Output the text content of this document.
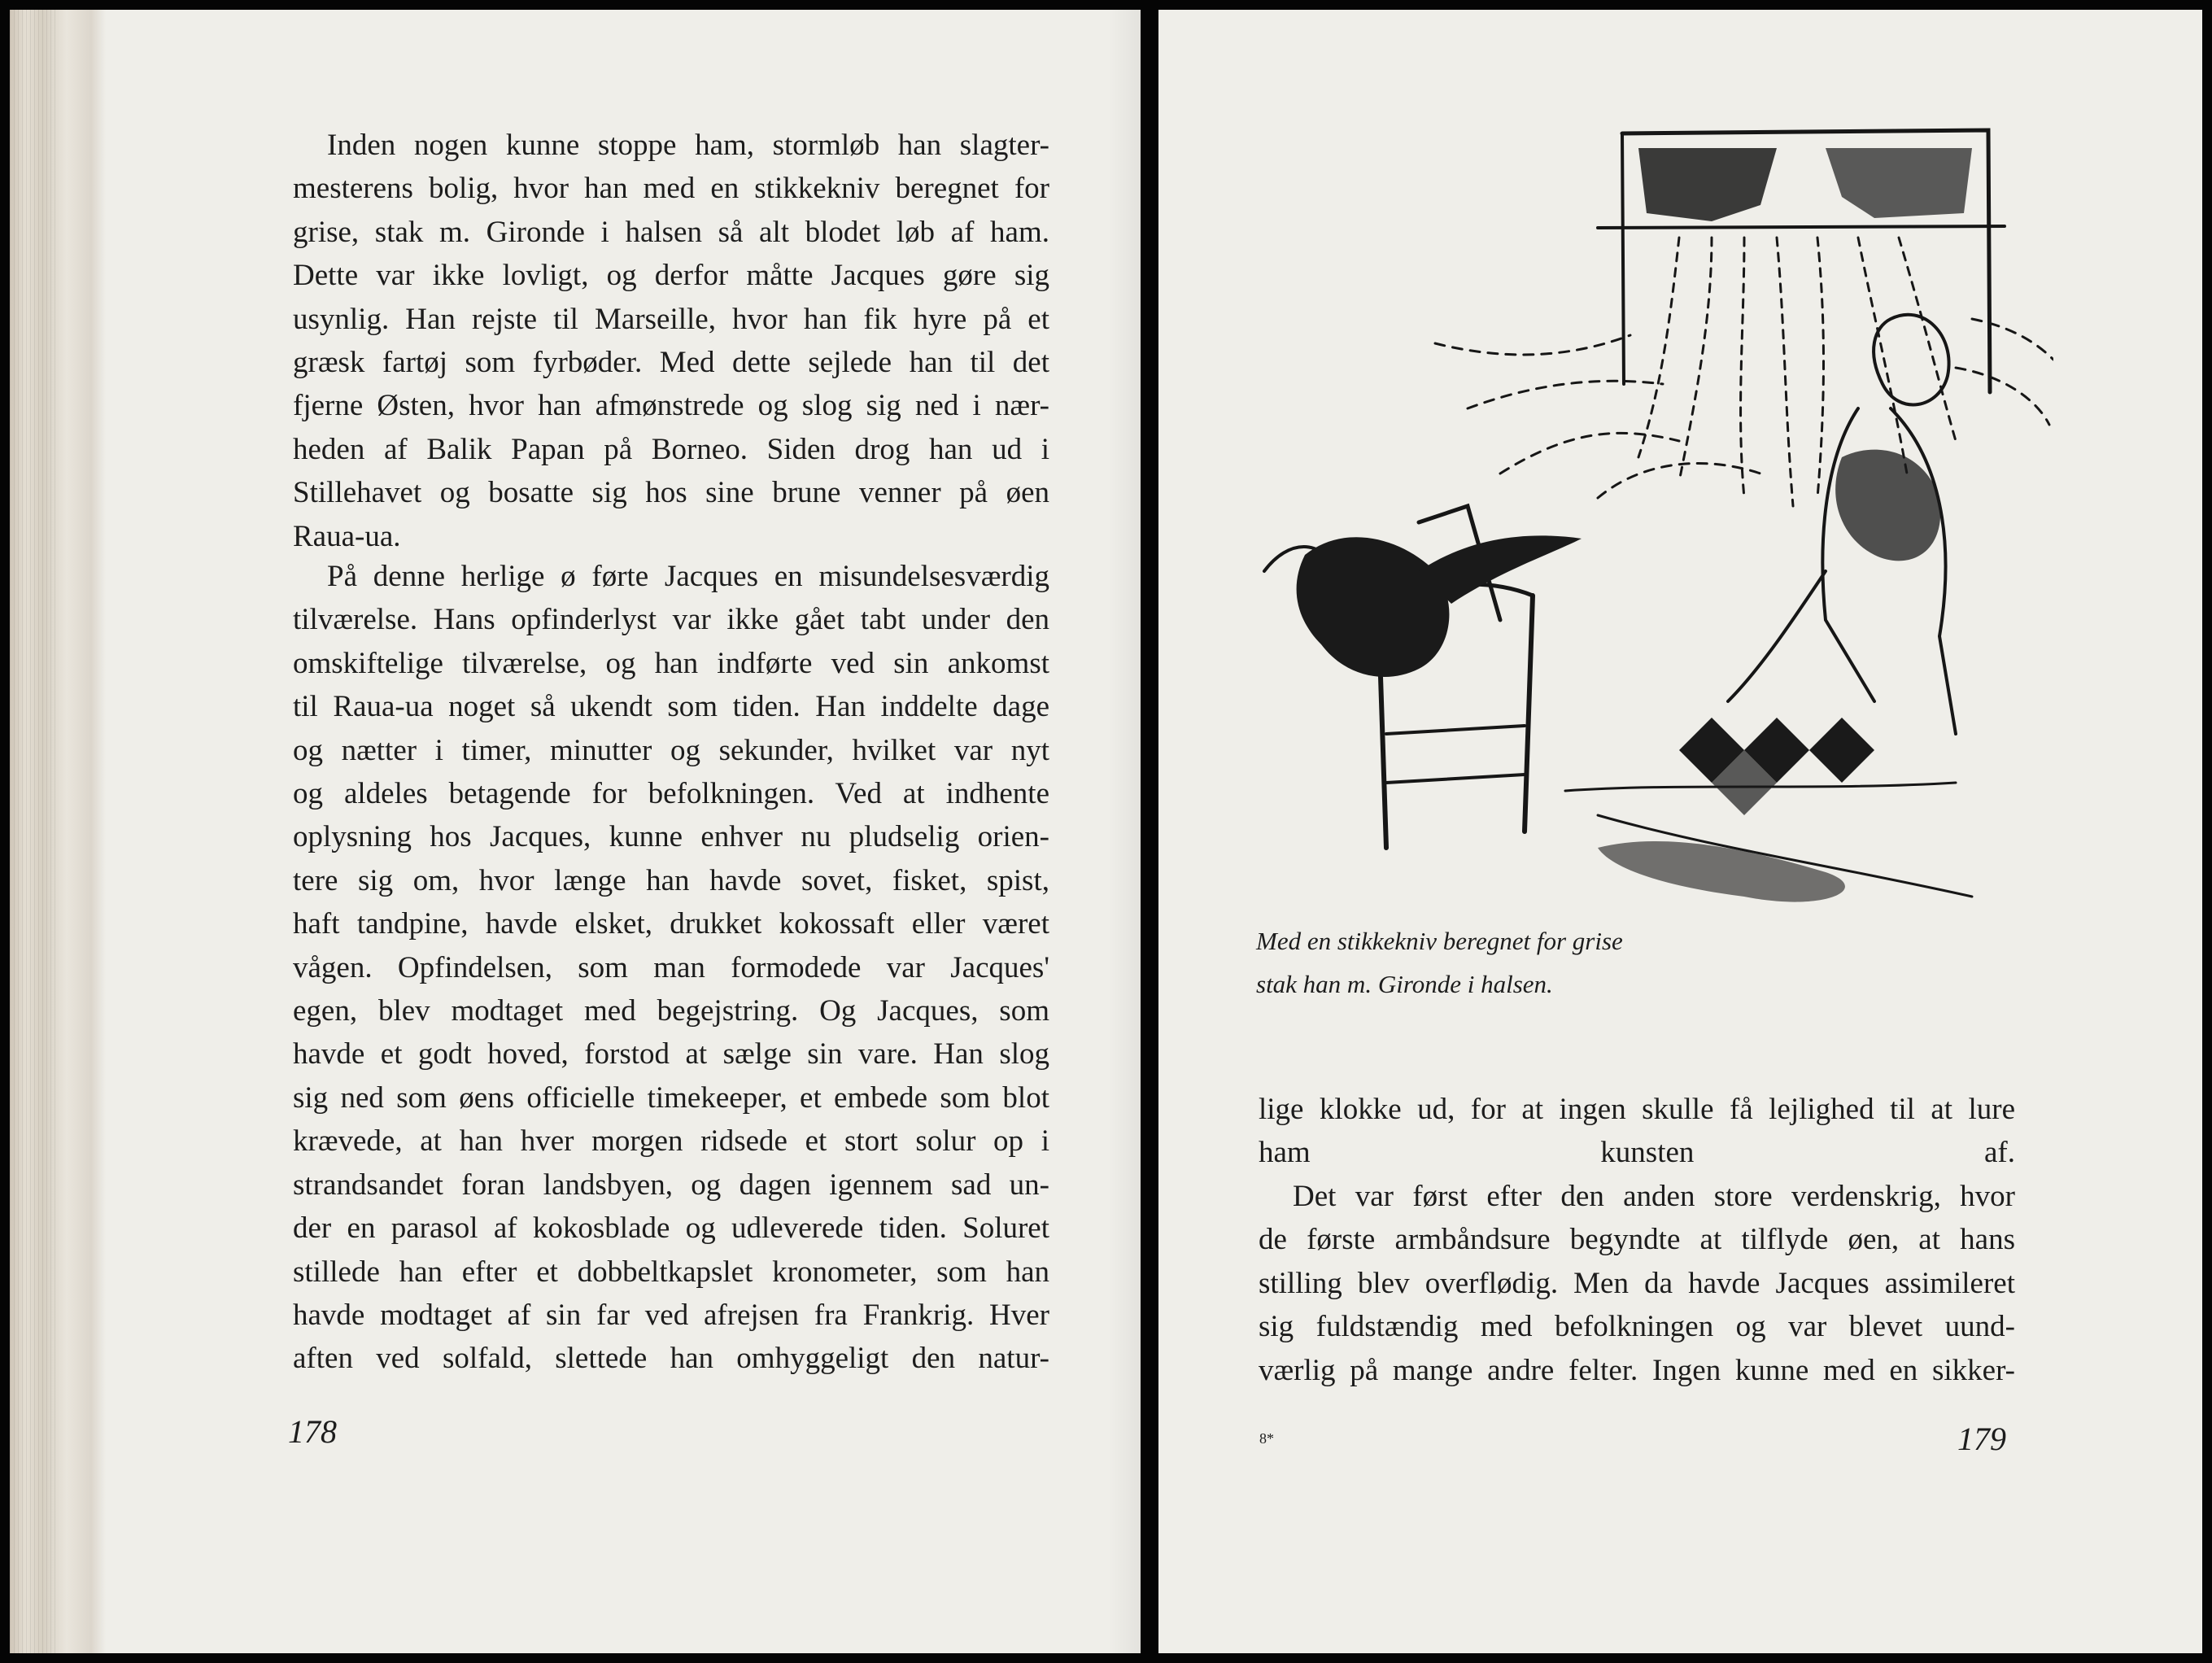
Inden nogen kunne stoppe ham, stormløb han slagter-
mesterens bolig, hvor han med en stikkekniv beregnet for
grise, stak m. Gironde i halsen så alt blodet løb af ham.
Dette var ikke lovligt, og derfor måtte Jacques gøre sig
usynlig. Han rejste til Marseille, hvor han fik hyre på et
græsk fartøj som fyrbøder. Med dette sejlede han til det
fjerne Østen, hvor han afmønstrede og slog sig ned i nær-
heden af Balik Papan på Borneo. Siden drog han ud i
Stillehavet og bosatte sig hos sine brune venner på øen
Raua-ua.
På denne herlige ø førte Jacques en misundelsesværdig
tilværelse. Hans opfinderlyst var ikke gået tabt under den
omskiftelige tilværelse, og han indførte ved sin ankomst
til Raua-ua noget så ukendt som tiden. Han inddelte dage
og nætter i timer, minutter og sekunder, hvilket var nyt
og aldeles betagende for befolkningen. Ved at indhente
oplysning hos Jacques, kunne enhver nu pludselig orien-
tere sig om, hvor længe han havde sovet, fisket, spist,
haft tandpine, havde elsket, drukket kokossaft eller været
vågen. Opfindelsen, som man formodede var Jacques'
egen, blev modtaget med begejstring. Og Jacques, som
havde et godt hoved, forstod at sælge sin vare. Han slog
sig ned som øens officielle timekeeper, et embede som blot
krævede, at han hver morgen ridsede et stort solur op i
strandsandet foran landsbyen, og dagen igennem sad un-
der en parasol af kokosblade og udleverede tiden. Soluret
stillede han efter et dobbeltkapslet kronometer, som han
havde modtaget af sin far ved afrejsen fra Frankrig. Hver
aften ved solfald, slettede han omhyggeligt den natur-
178
Med en stikkekniv beregnet for grise
stak han m. Gironde i halsen.
lige klokke ud, for at ingen skulle få lejlighed til at lure
ham kunsten af.
Det var først efter den anden store verdenskrig, hvor
de første armbåndsure begyndte at tilflyde øen, at hans
stilling blev overflødig. Men da havde Jacques assimileret
sig fuldstændig med befolkningen og var blevet uund-
værlig på mange andre felter. Ingen kunne med en sikker-
8*	179
